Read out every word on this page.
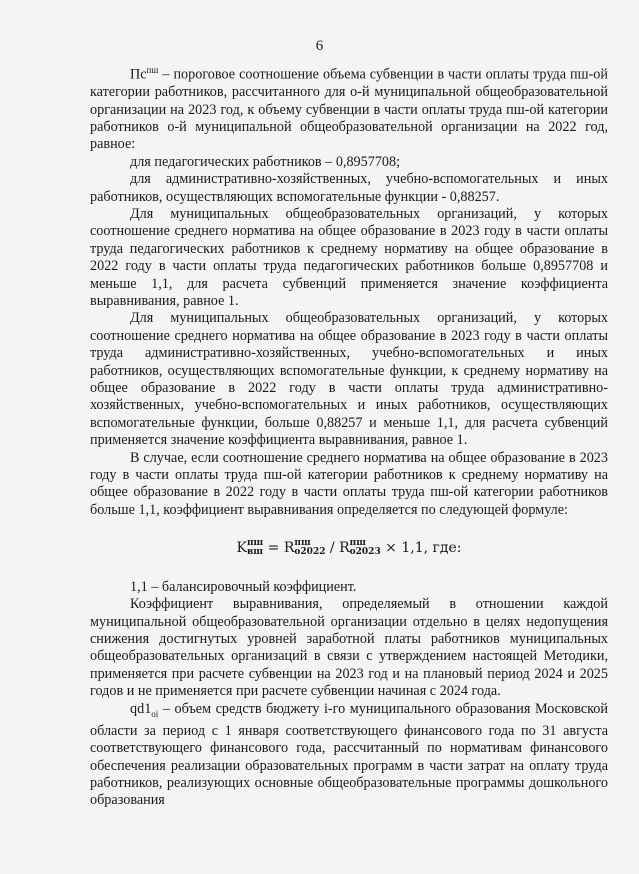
6

$Пс^{пш}$ – пороговое соотношение объема субвенции в части оплаты труда пш-ой категории работников, рассчитанного для о-й муниципальной общеобразовательной организации на 2023 год, к объему субвенции в части оплаты труда пш-ой категории работников о-й муниципальной общеобразовательной организации на 2022 год, равное:

для педагогических работников – 0,8957708;

для административно-хозяйственных, учебно-вспомогательных и иных работников, осуществляющих вспомогательные функции - 0,88257.

Для муниципальных общеобразовательных организаций, у которых соотношение среднего норматива на общее образование в 2023 году в части оплаты труда педагогических работников к среднему нормативу на общее образование в 2022 году в части оплаты труда педагогических работников больше 0,8957708 и меньше 1,1, для расчета субвенций применяется значение коэффициента выравнивания, равное 1.

Для муниципальных общеобразовательных организаций, у которых соотношение среднего норматива на общее образование в 2023 году в части оплаты труда административно-хозяйственных, учебно-вспомогательных и иных работников, осуществляющих вспомогательные функции, к среднему нормативу на общее образование в 2022 году в части оплаты труда административно-хозяйственных, учебно-вспомогательных и иных работников, осуществляющих вспомогательные функции, больше 0,88257 и меньше 1,1, для расчета субвенций применяется значение коэффициента выравнивания, равное 1.

В случае, если соотношение среднего норматива на общее образование в 2023 году в части оплаты труда пш-ой категории работников к среднему нормативу на общее образование в 2022 году в части оплаты труда пш-ой категории работников больше 1,1, коэффициент выравнивания определяется по следующей формуле:

K пш
вш = R пш
o2022 / R пш
o2023 × 1,1, где:

1,1 – балансировочный коэффициент.

Коэффициент выравнивания, определяемый в отношении каждой муниципальной общеобразовательной организации отдельно в целях недопущения снижения достигнутых уровней заработной платы работников муниципальных общеобразовательных организаций в связи с утверждением настоящей Методики, применяется при расчете субвенции на 2023 год и на плановый период 2024 и 2025 годов и не применяется при расчете субвенции начиная с 2024 года.

$qd1_{oi}$ – объем средств бюджету i-го муниципального образования Московской области за период с 1 января соответствующего финансового года по 31 августа соответствующего финансового года, рассчитанный по нормативам финансового обеспечения реализации образовательных программ в части затрат на оплату труда работников, реализующих основные общеобразовательные программы дошкольного образования
